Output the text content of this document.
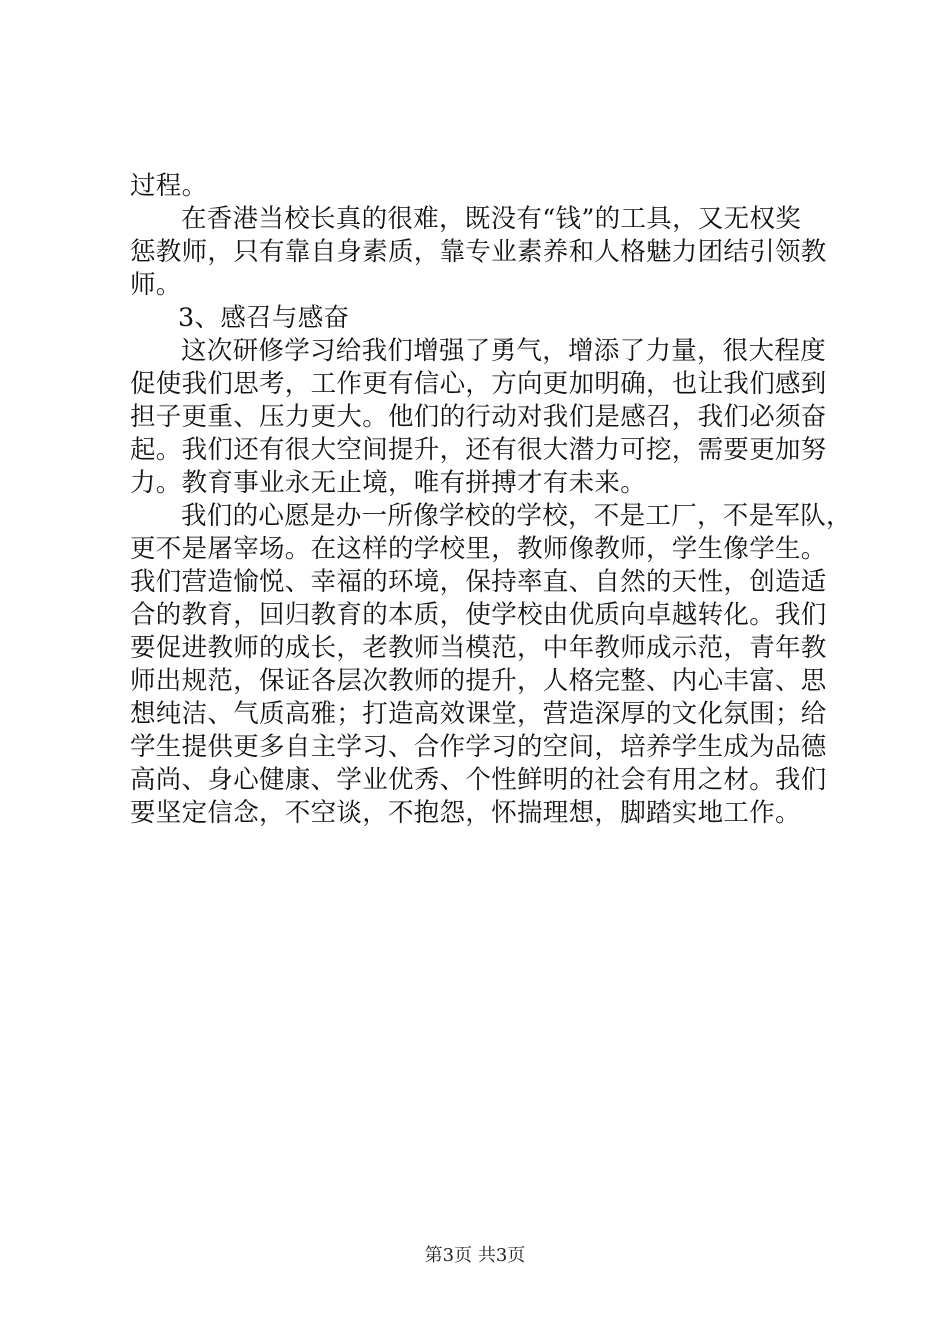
过程。
在香港当校长真的很难，既没有“钱”的工具，又无权奖
惩教师，只有靠自身素质，靠专业素养和人格魅力团结引领教
师。
3、感召与感奋
这次研修学习给我们增强了勇气，增添了力量，很大程度
促使我们思考，工作更有信心，方向更加明确，也让我们感到
担子更重、压力更大。他们的行动对我们是感召，我们必须奋
起。我们还有很大空间提升，还有很大潜力可挖，需要更加努
力。教育事业永无止境，唯有拼搏才有未来。
我们的心愿是办一所像学校的学校，不是工厂，不是军队，
更不是屠宰场。在这样的学校里，教师像教师，学生像学生。
我们营造愉悦、幸福的环境，保持率直、自然的天性，创造适
合的教育，回归教育的本质，使学校由优质向卓越转化。我们
要促进教师的成长，老教师当模范，中年教师成示范，青年教
师出规范，保证各层次教师的提升，人格完整、内心丰富、思
想纯洁、气质高雅；打造高效课堂，营造深厚的文化氛围；给
学生提供更多自主学习、合作学习的空间，培养学生成为品德
高尚、身心健康、学业优秀、个性鲜明的社会有用之材。我们
要坚定信念，不空谈，不抱怨，怀揣理想，脚踏实地工作。
第3页 共3页
